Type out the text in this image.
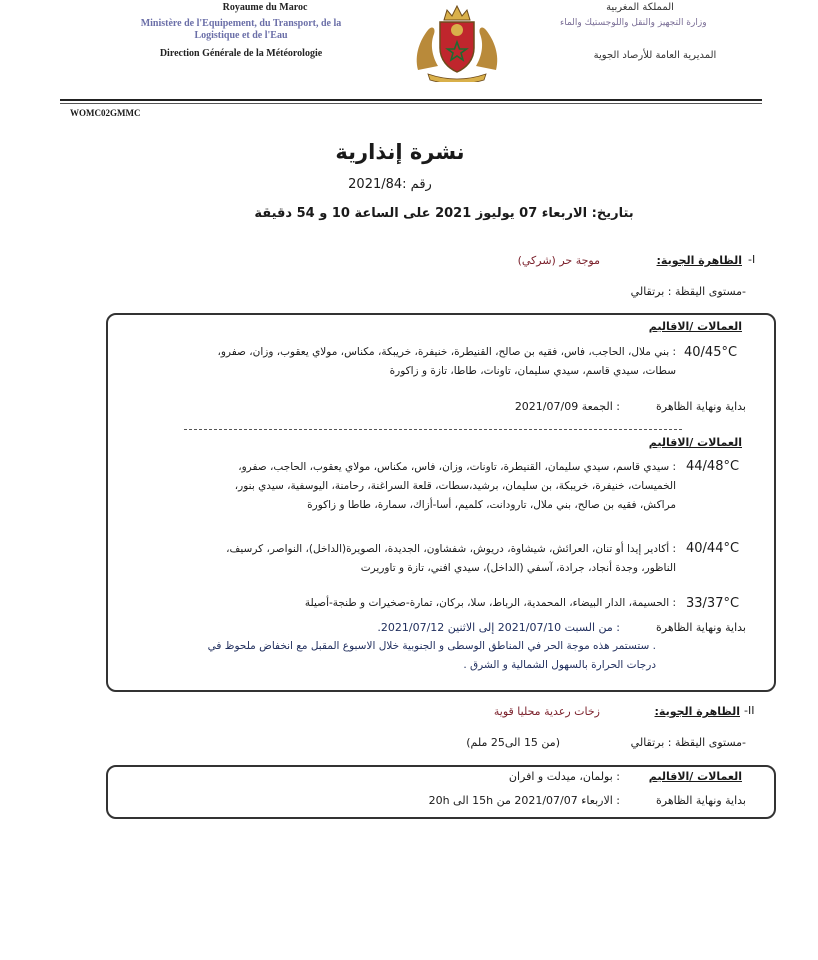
Royaume du Maroc
Ministère de l'Equipement, du Transport, de la Logistique et de l'Eau
Direction Générale de la Météorologie
المملكة المغربية
وزارة التجهيز والنقل واللوجستيك والماء
المديرية العامة للأرصاد الجوية
WOMC02GMMC
نشرة إنذارية
رقم :2021/84
بتاريخ: الاربعاء 07 يوليوز 2021 على الساعة 10 و 54 دقيقة
-I
الظاهرة الجوية:
موجة حر (شركي)
-مستوى اليقظة : برتقالي
العمالات /الاقاليم
40/45°C
: بني ملال، الحاجب، فاس، فقيه بن صالح، القنيطرة، خنيفرة، خريبكة، مكناس، مولاي يعقوب، وزان، صفرو،
سطات، سيدي قاسم، سيدي سليمان، تاونات، طاطا، تازة و زاكورة
بداية ونهاية الظاهرة
: الجمعة 2021/07/09
العمالات /الاقاليم
44/48°C
: سيدي قاسم، سيدي سليمان، القنيطرة، تاونات، وزان، فاس، مكناس، مولاي يعقوب، الحاجب، صفرو،
الخميسات، خنيفرة، خريبكة، بن سليمان، برشيد،سطات، قلعة السراغنة، رحامنة، اليوسفية، سيدي بنور،
مراكش، فقيه بن صالح، بني ملال، تارودانت، كلميم، أسا-أزاك، سمارة، طاطا و زاكورة
40/44°C
: أكادير إيدا أو تنان، العرائش، شيشاوة، دريوش، شفشاون، الجديدة، الصويرة(الداخل)، النواصر، كرسيف،
الناظور، وجدة أنجاد، جرادة، آسفي (الداخل)، سيدي افني، تازة و تاوريرت
33/37°C
: الحسيمة، الدار البيضاء، المحمدية، الرباط، سلا، بركان، تمارة-صخيرات و طنجة-أصيلة
بداية ونهاية الظاهرة
: من السبت 2021/07/10 إلى الاثنين 2021/07/12.
. ستستمر هذه موجة الحر في المناطق الوسطى و الجنوبية خلال الاسبوع المقبل مع انخفاض ملحوظ في
درجات الحرارة بالسهول الشمالية و الشرق .
-II
الظاهرة الجوية:
زخات رعدية محليا قوية
-مستوى اليقظة : برتقالي
(من 15 الى25 ملم)
العمالات /الاقاليم
: بولمان، ميدلت و افران
بداية ونهاية الظاهرة
: الاربعاء 2021/07/07 من 15h الى 20h
